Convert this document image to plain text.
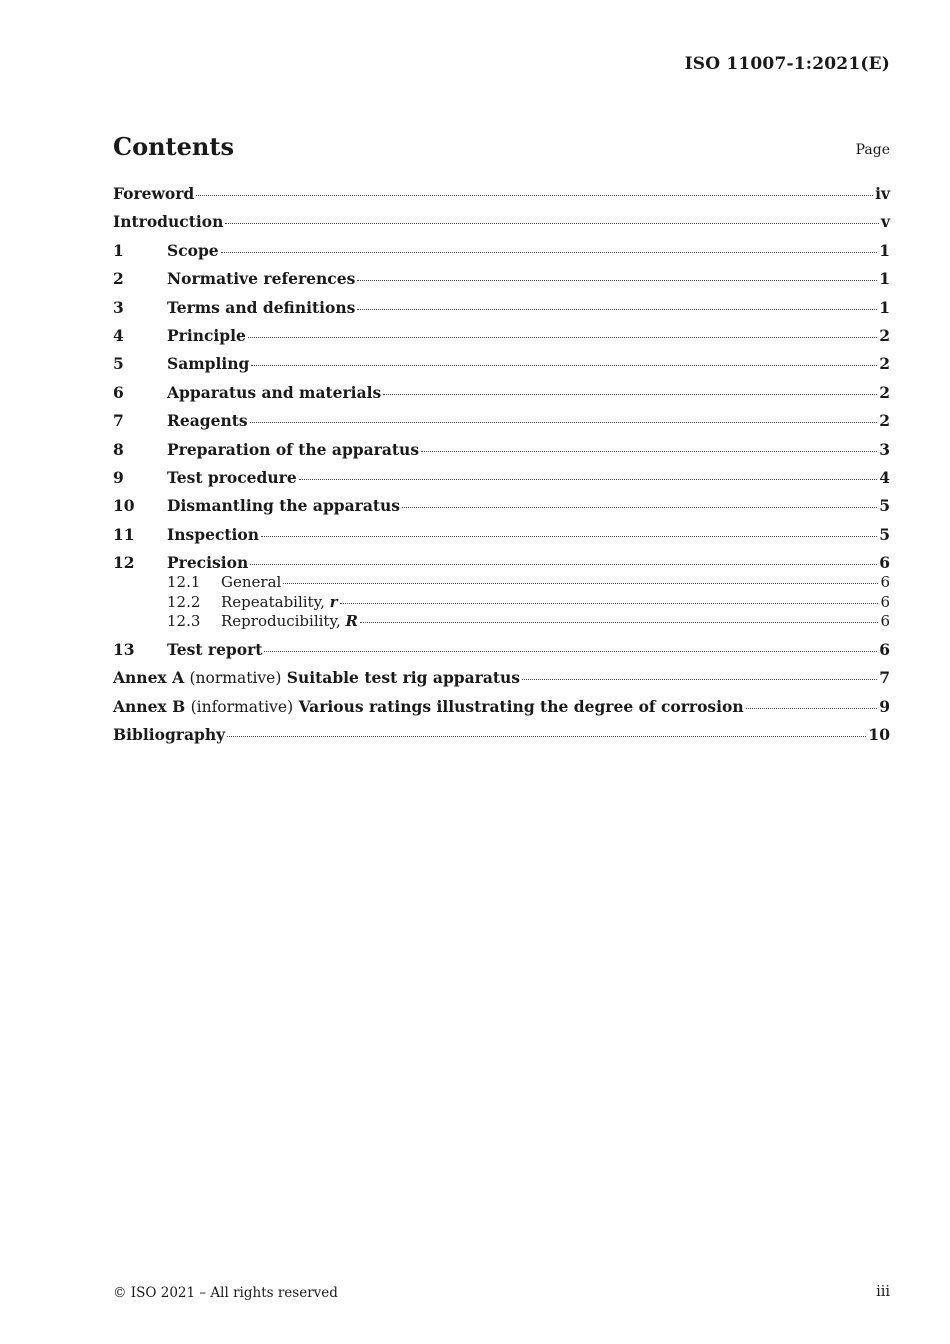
ISO 11007-1:2021(E)
Contents	Page
Foreword	iv
Introduction	v
1	Scope	1
2	Normative references	1
3	Terms and definitions	1
4	Principle	2
5	Sampling	2
6	Apparatus and materials	2
7	Reagents	2
8	Preparation of the apparatus	3
9	Test procedure	4
10	Dismantling the apparatus	5
11	Inspection	5
12	Precision	6
12.1	General	6
12.2	Repeatability, r	6
12.3	Reproducibility, R	6
13	Test report	6
Annex A (normative) Suitable test rig apparatus	7
Annex B (informative) Various ratings illustrating the degree of corrosion	9
Bibliography	10
© ISO 2021 – All rights reserved	iii
